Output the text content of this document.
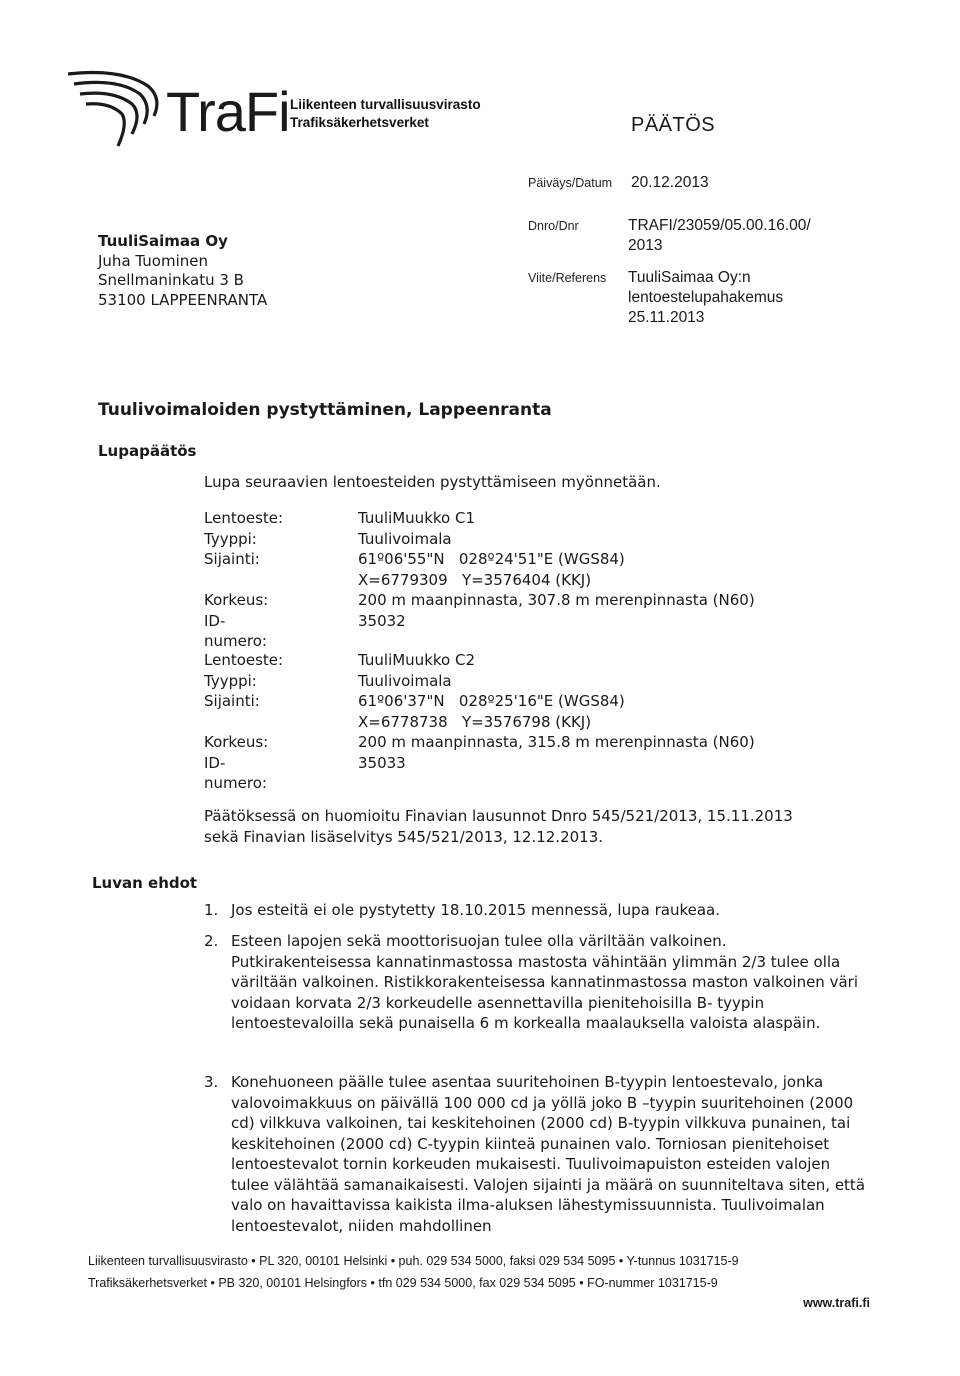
TraFi Liikenteen turvallisuusvirasto
Trafiksäkerhetsverket	PÄÄTÖS
Päiväys/Datum 20.12.2013
Dnro/Dnr	TRAFI/23059/05.00.16.00/
2013
Viite/Referens TuuliSaimaa Oy:n
lentoestelupahakemus
25.11.2013
TuuliSaimaa Oy
Juha Tuominen
Snellmaninkatu 3 B
53100 LAPPEENRANTA
Tuulivoimaloiden pystyttäminen, Lappeenranta
Lupapäätös
Lupa seuraavien lentoesteiden pystyttämiseen myönnetään.
Lentoeste:	TuuliMuukko C1
Tyyppi:	Tuulivoimala
Sijainti:	61º06'55"N   028º24'51"E (WGS84)
X=6779309   Y=3576404 (KKJ)
Korkeus:	200 m maanpinnasta, 307.8 m merenpinnasta (N60)
ID-numero:
35032
Lentoeste:	TuuliMuukko C2
Tyyppi:	Tuulivoimala
Sijainti:	61º06'37"N   028º25'16"E (WGS84)
X=6778738   Y=3576798 (KKJ)
Korkeus:	200 m maanpinnasta, 315.8 m merenpinnasta (N60)
ID-numero:
35033
Päätöksessä on huomioitu Finavian lausunnot Dnro 545/521/2013, 15.11.2013
sekä Finavian lisäselvitys 545/521/2013, 12.12.2013.
Luvan ehdot
1. Jos esteitä ei ole pystytetty 18.10.2015 mennessä, lupa raukeaa.
2. Esteen lapojen sekä moottorisuojan tulee olla väriltään valkoinen. Putkirakenteisessa kannatinmastossa mastosta vähintään ylimmän 2/3 tulee olla väriltään valkoinen. Ristikkorakenteisessa kannatinmastossa maston valkoinen väri voidaan korvata 2/3 korkeudelle asennettavilla pienitehoisilla B- tyypin lentoestevaloilla sekä punaisella 6 m korkealla maalauksella valoista alaspäin.
3. Konehuoneen päälle tulee asentaa suuritehoinen B-tyypin lentoestevalo, jonka valovoimakkuus on päivällä 100 000 cd ja yöllä joko B –tyypin suuritehoinen (2000 cd) vilkkuva valkoinen, tai keskitehoinen (2000 cd) B-tyypin vilkkuva punainen, tai keskitehoinen (2000 cd) C-tyypin kiinteä punainen valo. Torniosan pienitehoiset lentoestevalot tornin korkeuden mukaisesti. Tuulivoimapuiston esteiden valojen tulee välähtää samanaikaisesti. Valojen sijainti ja määrä on suunniteltava siten, että valo on havaittavissa kaikista ilma-aluksen lähestymissuunnista. Tuulivoimalan lentoestevalot, niiden mahdollinen
Liikenteen turvallisuusvirasto • PL 320, 00101 Helsinki • puh. 029 534 5000, faksi 029 534 5095 • Y-tunnus 1031715-9
Trafiksäkerhetsverket • PB 320, 00101 Helsingfors • tfn 029 534 5000, fax 029 534 5095 • FO-nummer 1031715-9
www.trafi.fi
